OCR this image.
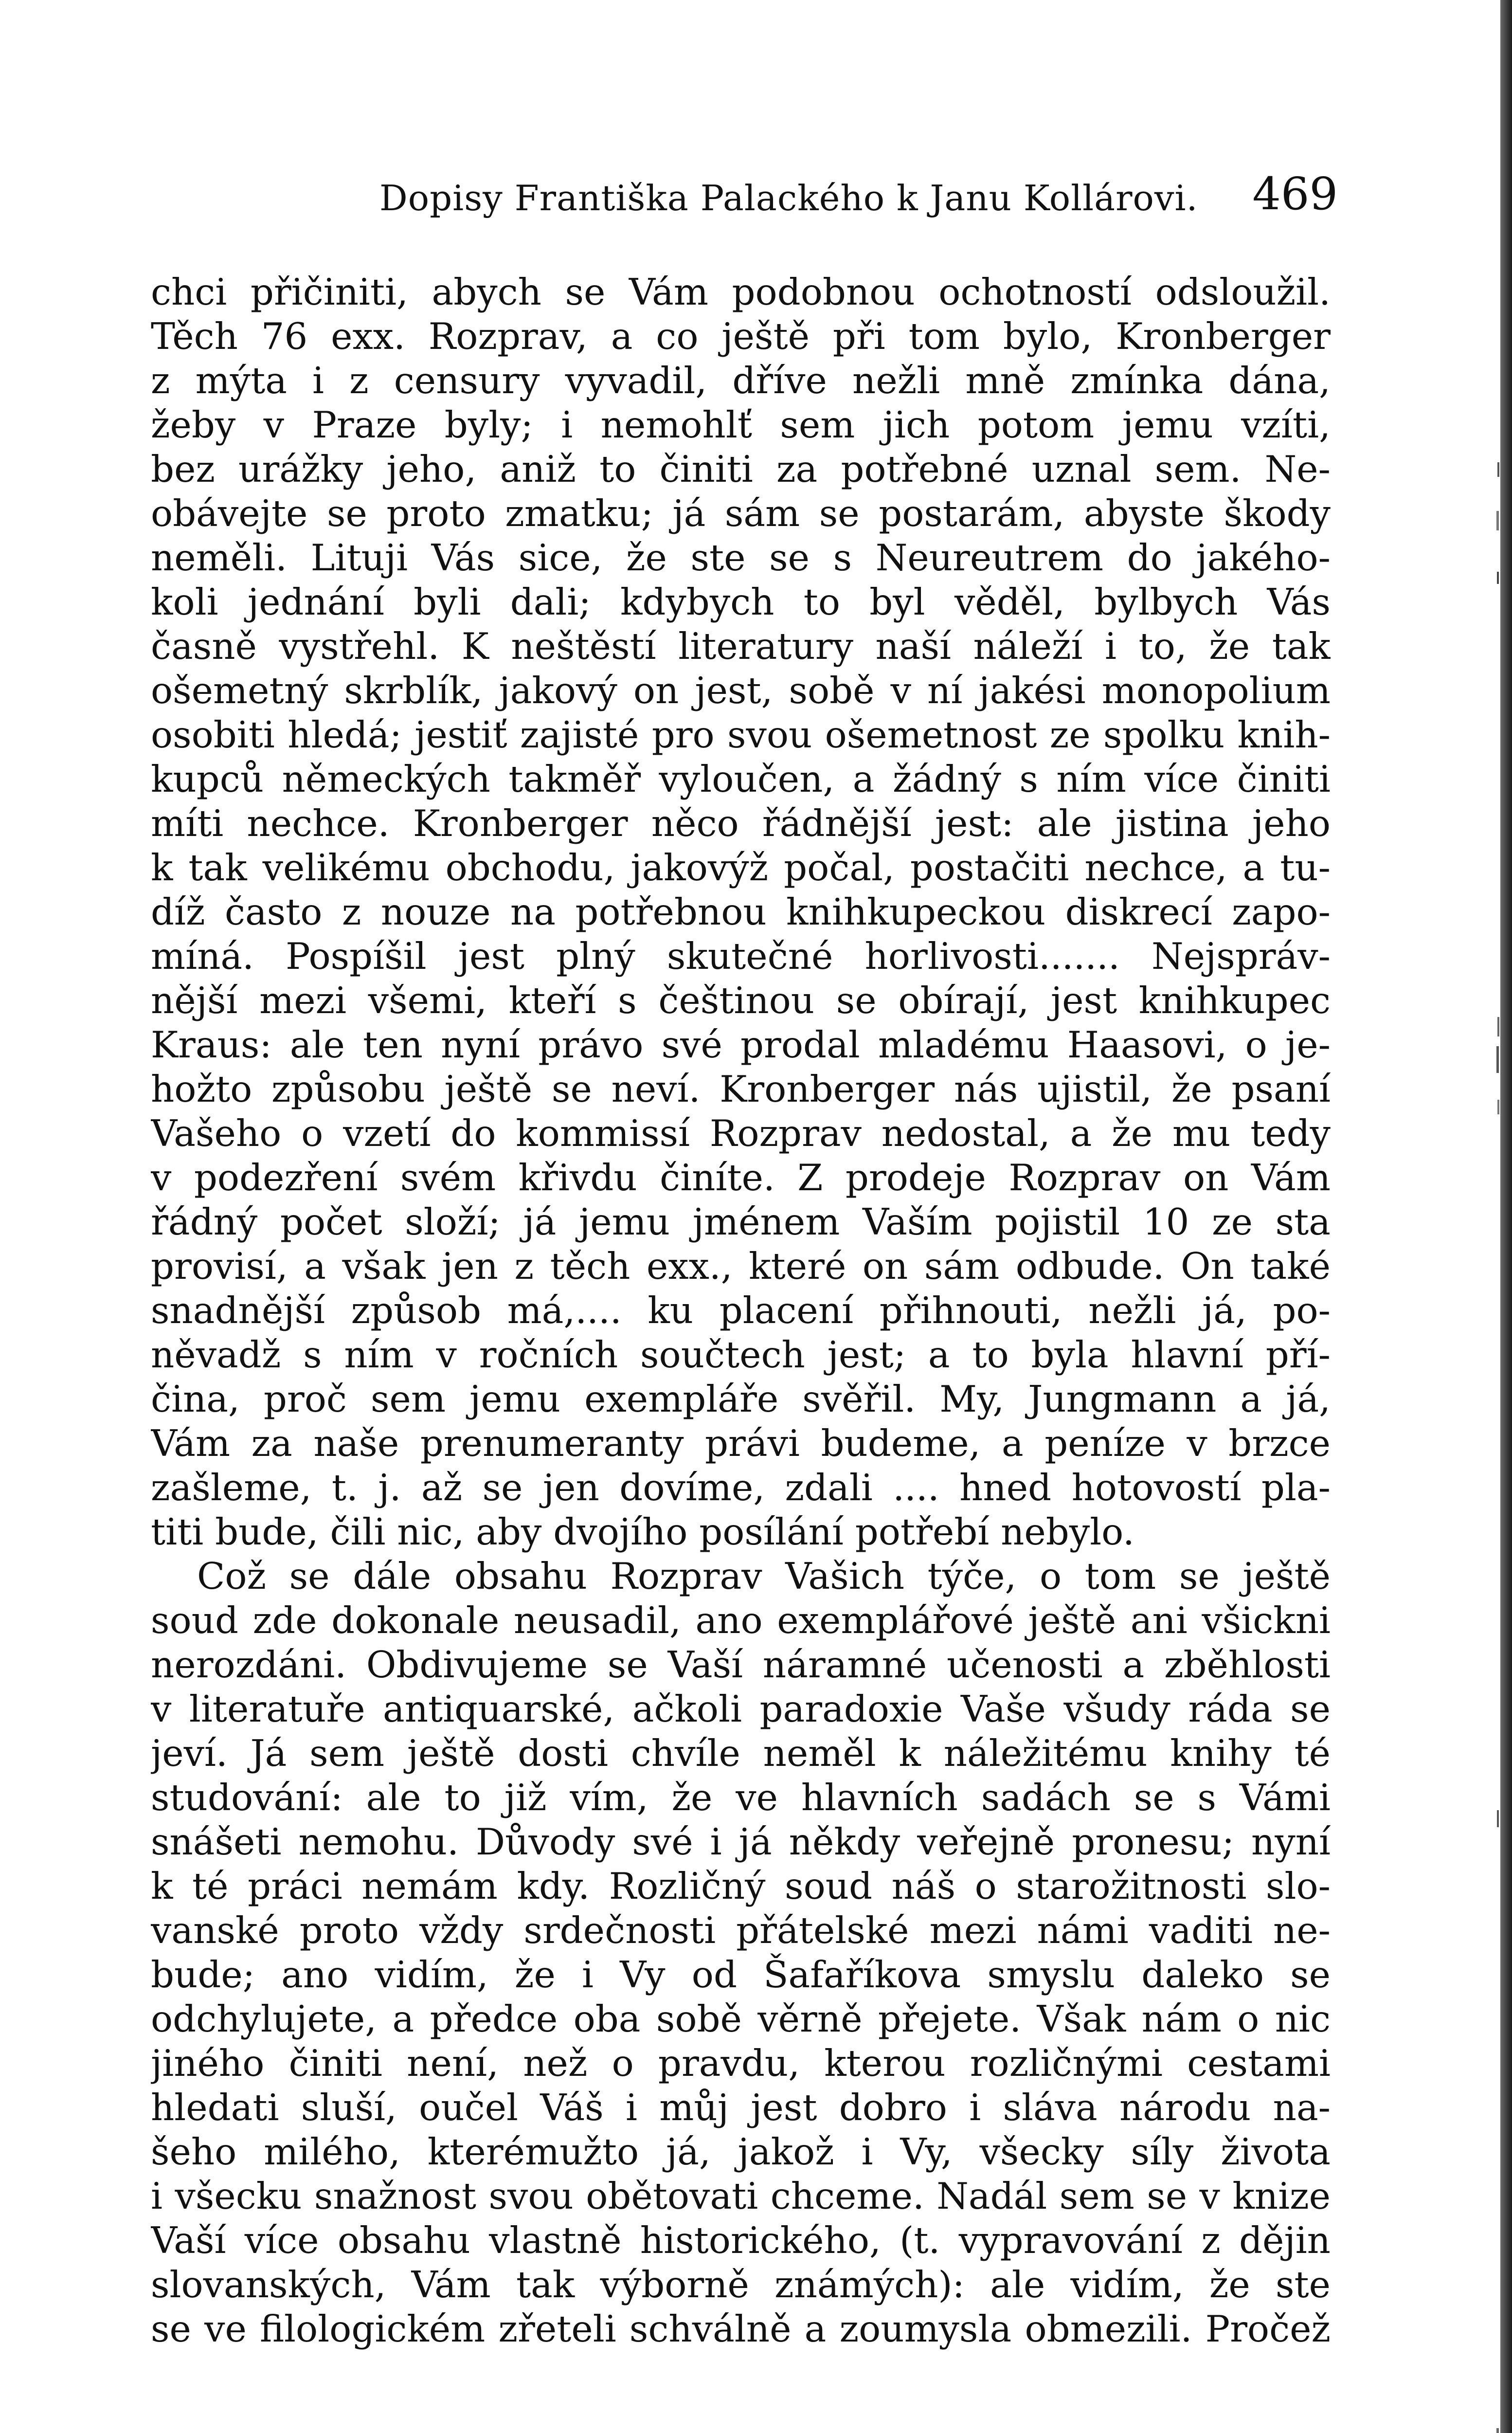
Dopisy Františka Palackého k Janu Kollárovi. 469
chci přičiniti, abych se Vám podobnou ochotností odsloužil.
Těch 76 exx. Rozprav, a co ještě při tom bylo, Kronberger
z mýta i z censury vyvadil, dříve nežli mně zmínka dána,
žeby v Praze byly; i nemohlť sem jich potom jemu vzíti,
bez urážky jeho, aniž to činiti za potřebné uznal sem. Ne-
obávejte se proto zmatku; já sám se postarám, abyste škody
neměli. Lituji Vás sice, že ste se s Neureutrem do jakého-
koli jednání byli dali; kdybych to byl věděl, bylbych Vás
časně vystřehl. K neštěstí literatury naší náleží i to, že tak
ošemetný skrblík, jakový on jest, sobě v ní jakési monopolium
osobiti hledá; jestiť zajisté pro svou ošemetnost ze spolku knih-
kupců německých takměř vyloučen, a žádný s ním více činiti
míti nechce. Kronberger něco řádnější jest: ale jistina jeho
k tak velikému obchodu, jakovýž počal, postačiti nechce, a tu-
díž často z nouze na potřebnou knihkupeckou diskrecí zapo-
míná. Pospíšil jest plný skutečné horlivosti....... Nejspráv-
nější mezi všemi, kteří s češtinou se obírají, jest knihkupec
Kraus: ale ten nyní právo své prodal mladému Haasovi, o je-
hožto způsobu ještě se neví. Kronberger nás ujistil, že psaní
Vašeho o vzetí do kommissí Rozprav nedostal, a že mu tedy
v podezření svém křivdu činíte. Z prodeje Rozprav on Vám
řádný počet složí; já jemu jménem Vaším pojistil 10 ze sta
provisí, a však jen z těch exx., které on sám odbude. On také
snadnější způsob má,.... ku placení přihnouti, nežli já, po-
něvadž s ním v ročních součtech jest; a to byla hlavní pří-
čina, proč sem jemu exempláře svěřil. My, Jungmann a já,
Vám za naše prenumeranty právi budeme, a peníze v brzce
zašleme, t. j. až se jen dovíme, zdali .... hned hotovostí pla-
titi bude, čili nic, aby dvojího posílání potřebí nebylo.
Což se dále obsahu Rozprav Vašich týče, o tom se ještě
soud zde dokonale neusadil, ano exemplářové ještě ani všickni
nerozdáni. Obdivujeme se Vaší náramné učenosti a zběhlosti
v literatuře antiquarské, ačkoli paradoxie Vaše všudy ráda se
jeví. Já sem ještě dosti chvíle neměl k náležitému knihy té
studování: ale to již vím, že ve hlavních sadách se s Vámi
snášeti nemohu. Důvody své i já někdy veřejně pronesu; nyní
k té práci nemám kdy. Rozličný soud náš o starožitnosti slo-
vanské proto vždy srdečnosti přátelské mezi námi vaditi ne-
bude; ano vidím, že i Vy od Šafaříkova smyslu daleko se
odchylujete, a předce oba sobě věrně přejete. Však nám o nic
jiného činiti není, než o pravdu, kterou rozličnými cestami
hledati sluší, oučel Váš i můj jest dobro i sláva národu na-
šeho milého, kterémužto já, jakož i Vy, všecky síly života
i všecku snažnost svou obětovati chceme. Nadál sem se v knize
Vaší více obsahu vlastně historického, (t. vypravování z dějin
slovanských, Vám tak výborně známých): ale vidím, že ste
se ve filologickém zřeteli schválně a zoumysla obmezili. Pročež
